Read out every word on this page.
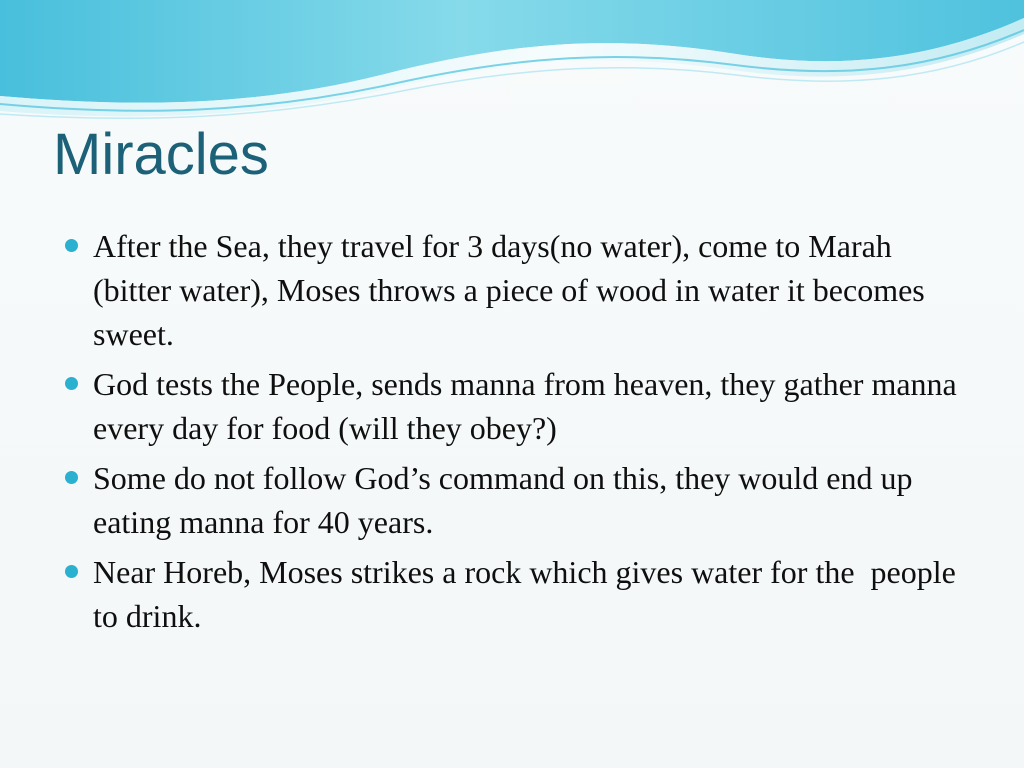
Miracles
After the Sea, they travel for 3 days(no water), come to Marah (bitter water), Moses throws a piece of wood in water it becomes sweet.
God tests the People, sends manna from heaven, they gather manna every day for food (will they obey?)
Some do not follow God’s command on this, they would end up eating manna for 40 years.
Near Horeb, Moses strikes a rock which gives water for the  people to drink.
